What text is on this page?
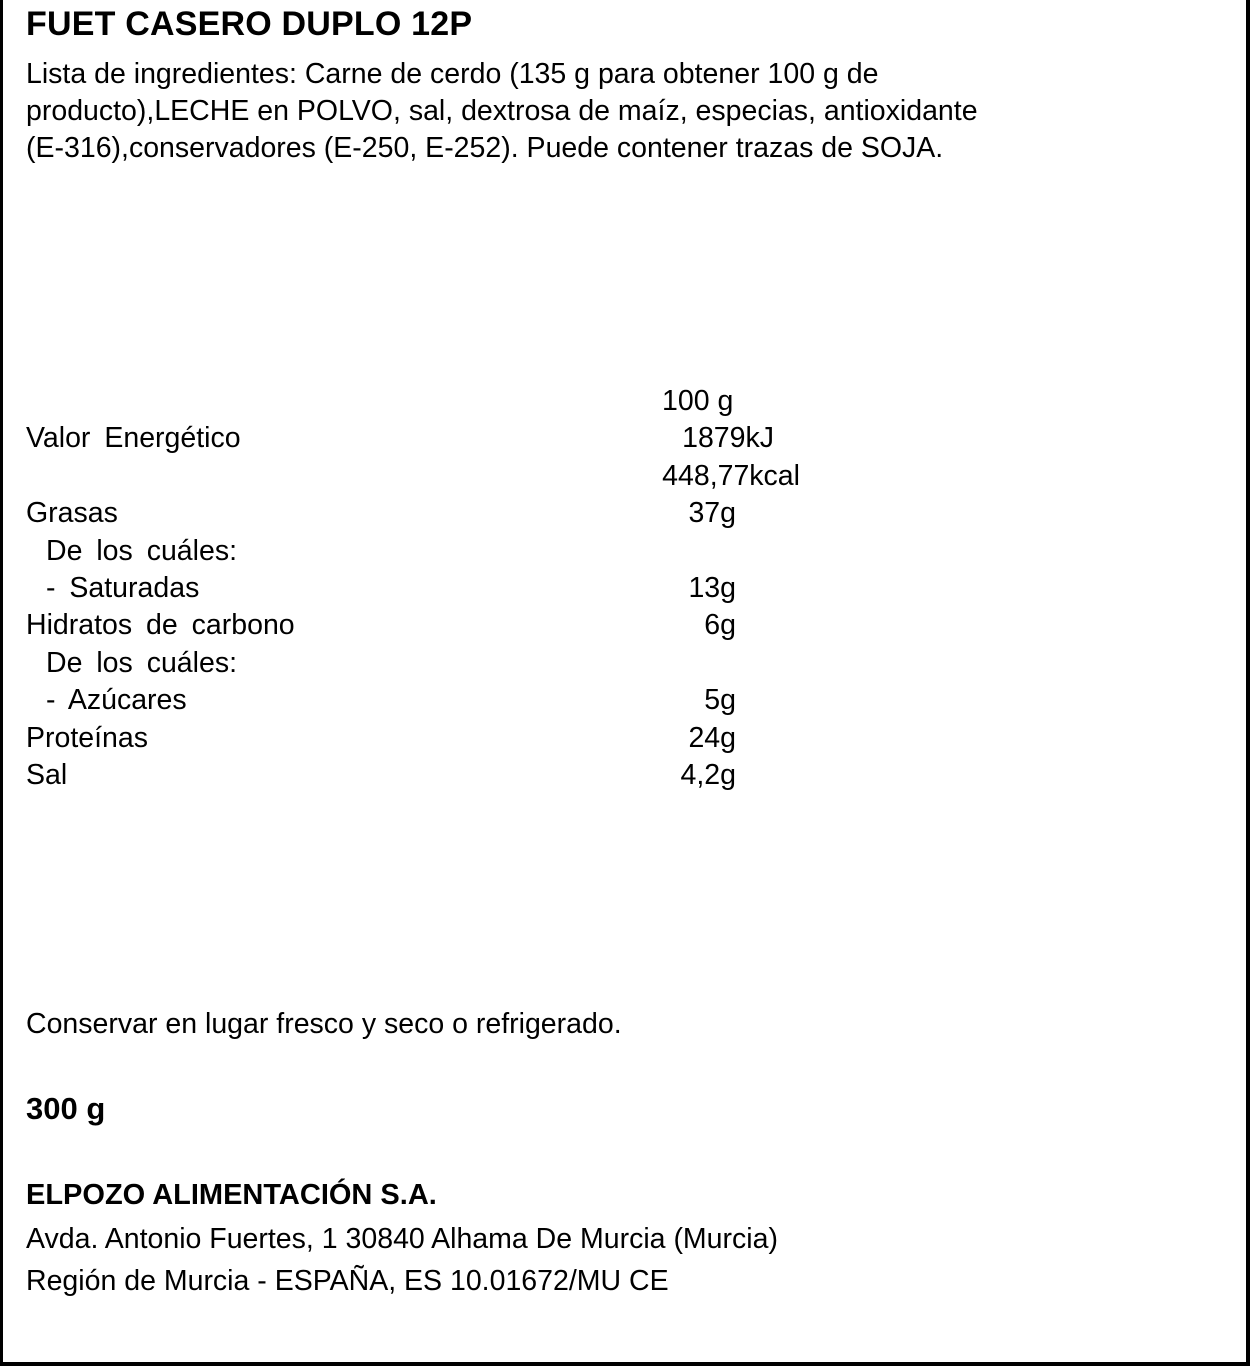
FUET CASERO DUPLO 12P
Lista de ingredientes: Carne de cerdo (135 g para obtener 100 g de
producto),LECHE en POLVO, sal, dextrosa de maíz, especias, antioxidante
(E-316),conservadores (E-250, E-252). Puede contener trazas de SOJA.
100 g
Valor Energético	1879kJ
448,77kcal
Grasas	37g
De los cuáles:
- Saturadas	13g
Hidratos de carbono	6g
De los cuáles:
- Azúcares	5g
Proteínas	24g
Sal	4,2g
Conservar en lugar fresco y seco o refrigerado.
300 g
ELPOZO ALIMENTACIÓN S.A.
Avda. Antonio Fuertes, 1 30840 Alhama De Murcia (Murcia)
Región de Murcia - ESPAÑA, ES 10.01672/MU CE
